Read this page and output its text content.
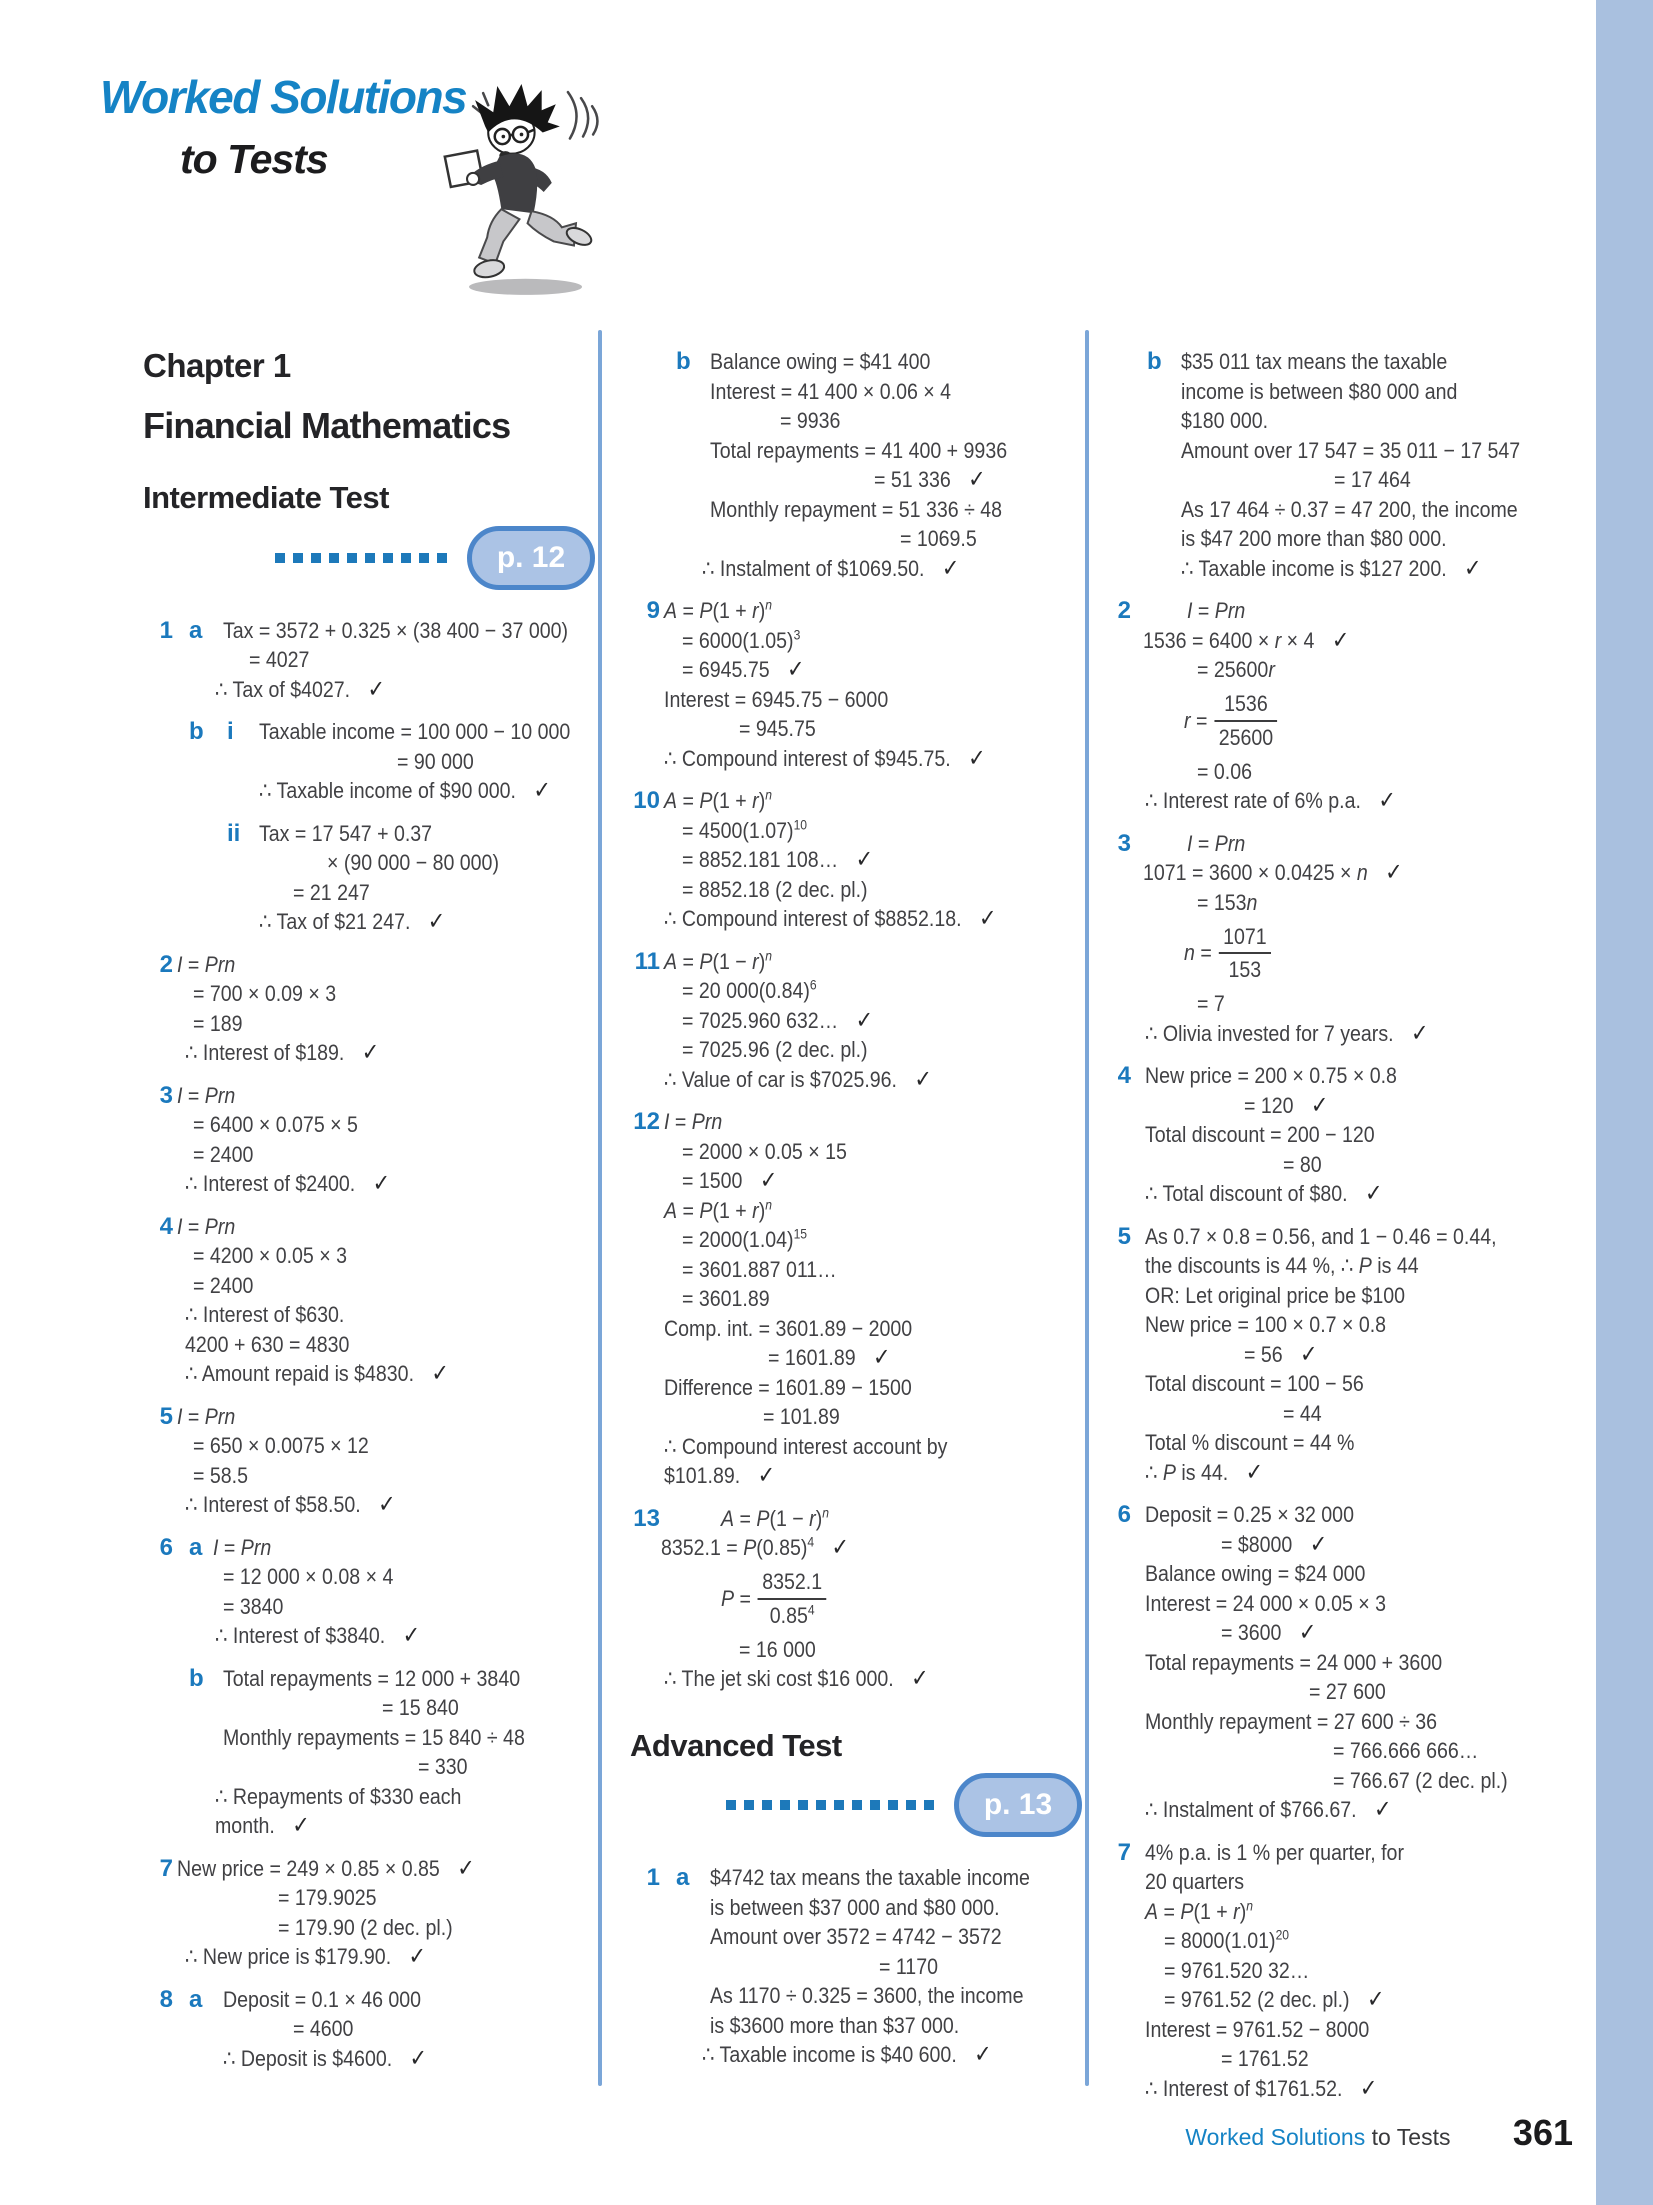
Worked Solutions
to Tests
Chapter 1
Financial Mathematics
Intermediate Test
p. 12
1 a Tax = 3572 + 0.325 × (38 400 − 37 000)
= 4027
∴ Tax of $4027. ✓
b i Taxable income = 100 000 − 10 000
= 90 000
∴ Taxable income of $90 000. ✓
ii Tax = 17 547 + 0.37
× (90 000 − 80 000)
= 21 247
∴ Tax of $21 247. ✓
2 I = Prn
= 700 × 0.09 × 3
= 189
∴ Interest of $189. ✓
3 I = Prn
= 6400 × 0.075 × 5
= 2400
∴ Interest of $2400. ✓
4 I = Prn
= 4200 × 0.05 × 3
= 2400
∴ Interest of $630.
4200 + 630 = 4830
∴ Amount repaid is $4830. ✓
5 I = Prn
= 650 × 0.0075 × 12
= 58.5
∴ Interest of $58.50. ✓
6 a I = Prn
= 12 000 × 0.08 × 4
= 3840
∴ Interest of $3840. ✓
b Total repayments = 12 000 + 3840
= 15 840
Monthly repayments = 15 840 ÷ 48
= 330
∴ Repayments of $330 each
month. ✓
7 New price = 249 × 0.85 × 0.85 ✓
= 179.9025
= 179.90 (2 dec. pl.)
∴ New price is $179.90. ✓
8 a Deposit = 0.1 × 46 000
= 4600
∴ Deposit is $4600. ✓
b Balance owing = $41 400
Interest = 41 400 × 0.06 × 4
= 9936
Total repayments = 41 400 + 9936
= 51 336 ✓
Monthly repayment = 51 336 ÷ 48
= 1069.5
∴ Instalment of $1069.50. ✓
9 $A = P(1 + r)^n$
= $6000(1.05)^3$
= 6945.75 ✓
Interest = 6945.75 − 6000
= 945.75
∴ Compound interest of $945.75. ✓
10 $A = P(1 + r)^n$
= $4500(1.07)^{10}$
= 8852.181 108… ✓
= 8852.18 (2 dec. pl.)
∴ Compound interest of $8852.18. ✓
11 $A = P(1 - r)^n$
= 20 $000(0.84)^6$
= 7025.960 632… ✓
= 7025.96 (2 dec. pl.)
∴ Value of car is $7025.96. ✓
12 I = Prn
= 2000 × 0.05 × 15
= 1500 ✓
$A = P(1 + r)^n$
= $2000(1.04)^{15}$
= 3601.887 011…
= 3601.89
Comp. int. = 3601.89 − 2000
= 1601.89 ✓
Difference = 1601.89 − 1500
= 101.89
∴ Compound interest account by
$101.89. ✓
13	$A = P(1 - r)^n$
$8352.1 = P(0.85)^4$ ✓
$P = \frac{8352.1}{0.85^4}$
= 16 000
∴ The jet ski cost $16 000. ✓
Advanced Test
p. 13
1 a $4742 tax means the taxable income
is between $37 000 and $80 000.
Amount over 3572 = 4742 − 3572
= 1170
As 1170 ÷ 0.325 = 3600, the income
is $3600 more than $37 000.
∴ Taxable income is $40 600. ✓
b $35 011 tax means the taxable
income is between $80 000 and
$180 000.
Amount over 17 547 = 35 011 − 17 547
= 17 464
As 17 464 ÷ 0.37 = 47 200, the income
is $47 200 more than $80 000.
∴ Taxable income is $127 200. ✓
2 I = Prn
1536 = 6400 × r × 4 ✓
= 25600r
$r = \frac{1536}{25600}$
= 0.06
∴ Interest rate of 6% p.a. ✓
3 I = Prn
1071 = 3600 × 0.0425 × n ✓
= 153n
$n = \frac{1071}{153}$
= 7
∴ Olivia invested for 7 years. ✓
4 New price = 200 × 0.75 × 0.8
= 120 ✓
Total discount = 200 − 120
= 80
∴ Total discount of $80. ✓
5 As 0.7 × 0.8 = 0.56, and 1 − 0.46 = 0.44,
the discounts is 44 %, ∴ P is 44
OR: Let original price be $100
New price = 100 × 0.7 × 0.8
= 56 ✓
Total discount = 100 − 56
= 44
Total % discount = 44 %
∴ P is 44. ✓
6 Deposit = 0.25 × 32 000
= $8000 ✓
Balance owing = $24 000
Interest = 24 000 × 0.05 × 3
= 3600 ✓
Total repayments = 24 000 + 3600
= 27 600
Monthly repayment = 27 600 ÷ 36
= 766.666 666…
= 766.67 (2 dec. pl.)
∴ Instalment of $766.67. ✓
7 4% p.a. is 1 % per quarter, for
20 quarters
$A = P(1 + r)^n$
= $8000(1.01)^{20}$
= 9761.520 32…
= 9761.52 (2 dec. pl.) ✓
Interest = 9761.52 − 8000
= 1761.52
∴ Interest of $1761.52. ✓
Worked Solutions to Tests 361
